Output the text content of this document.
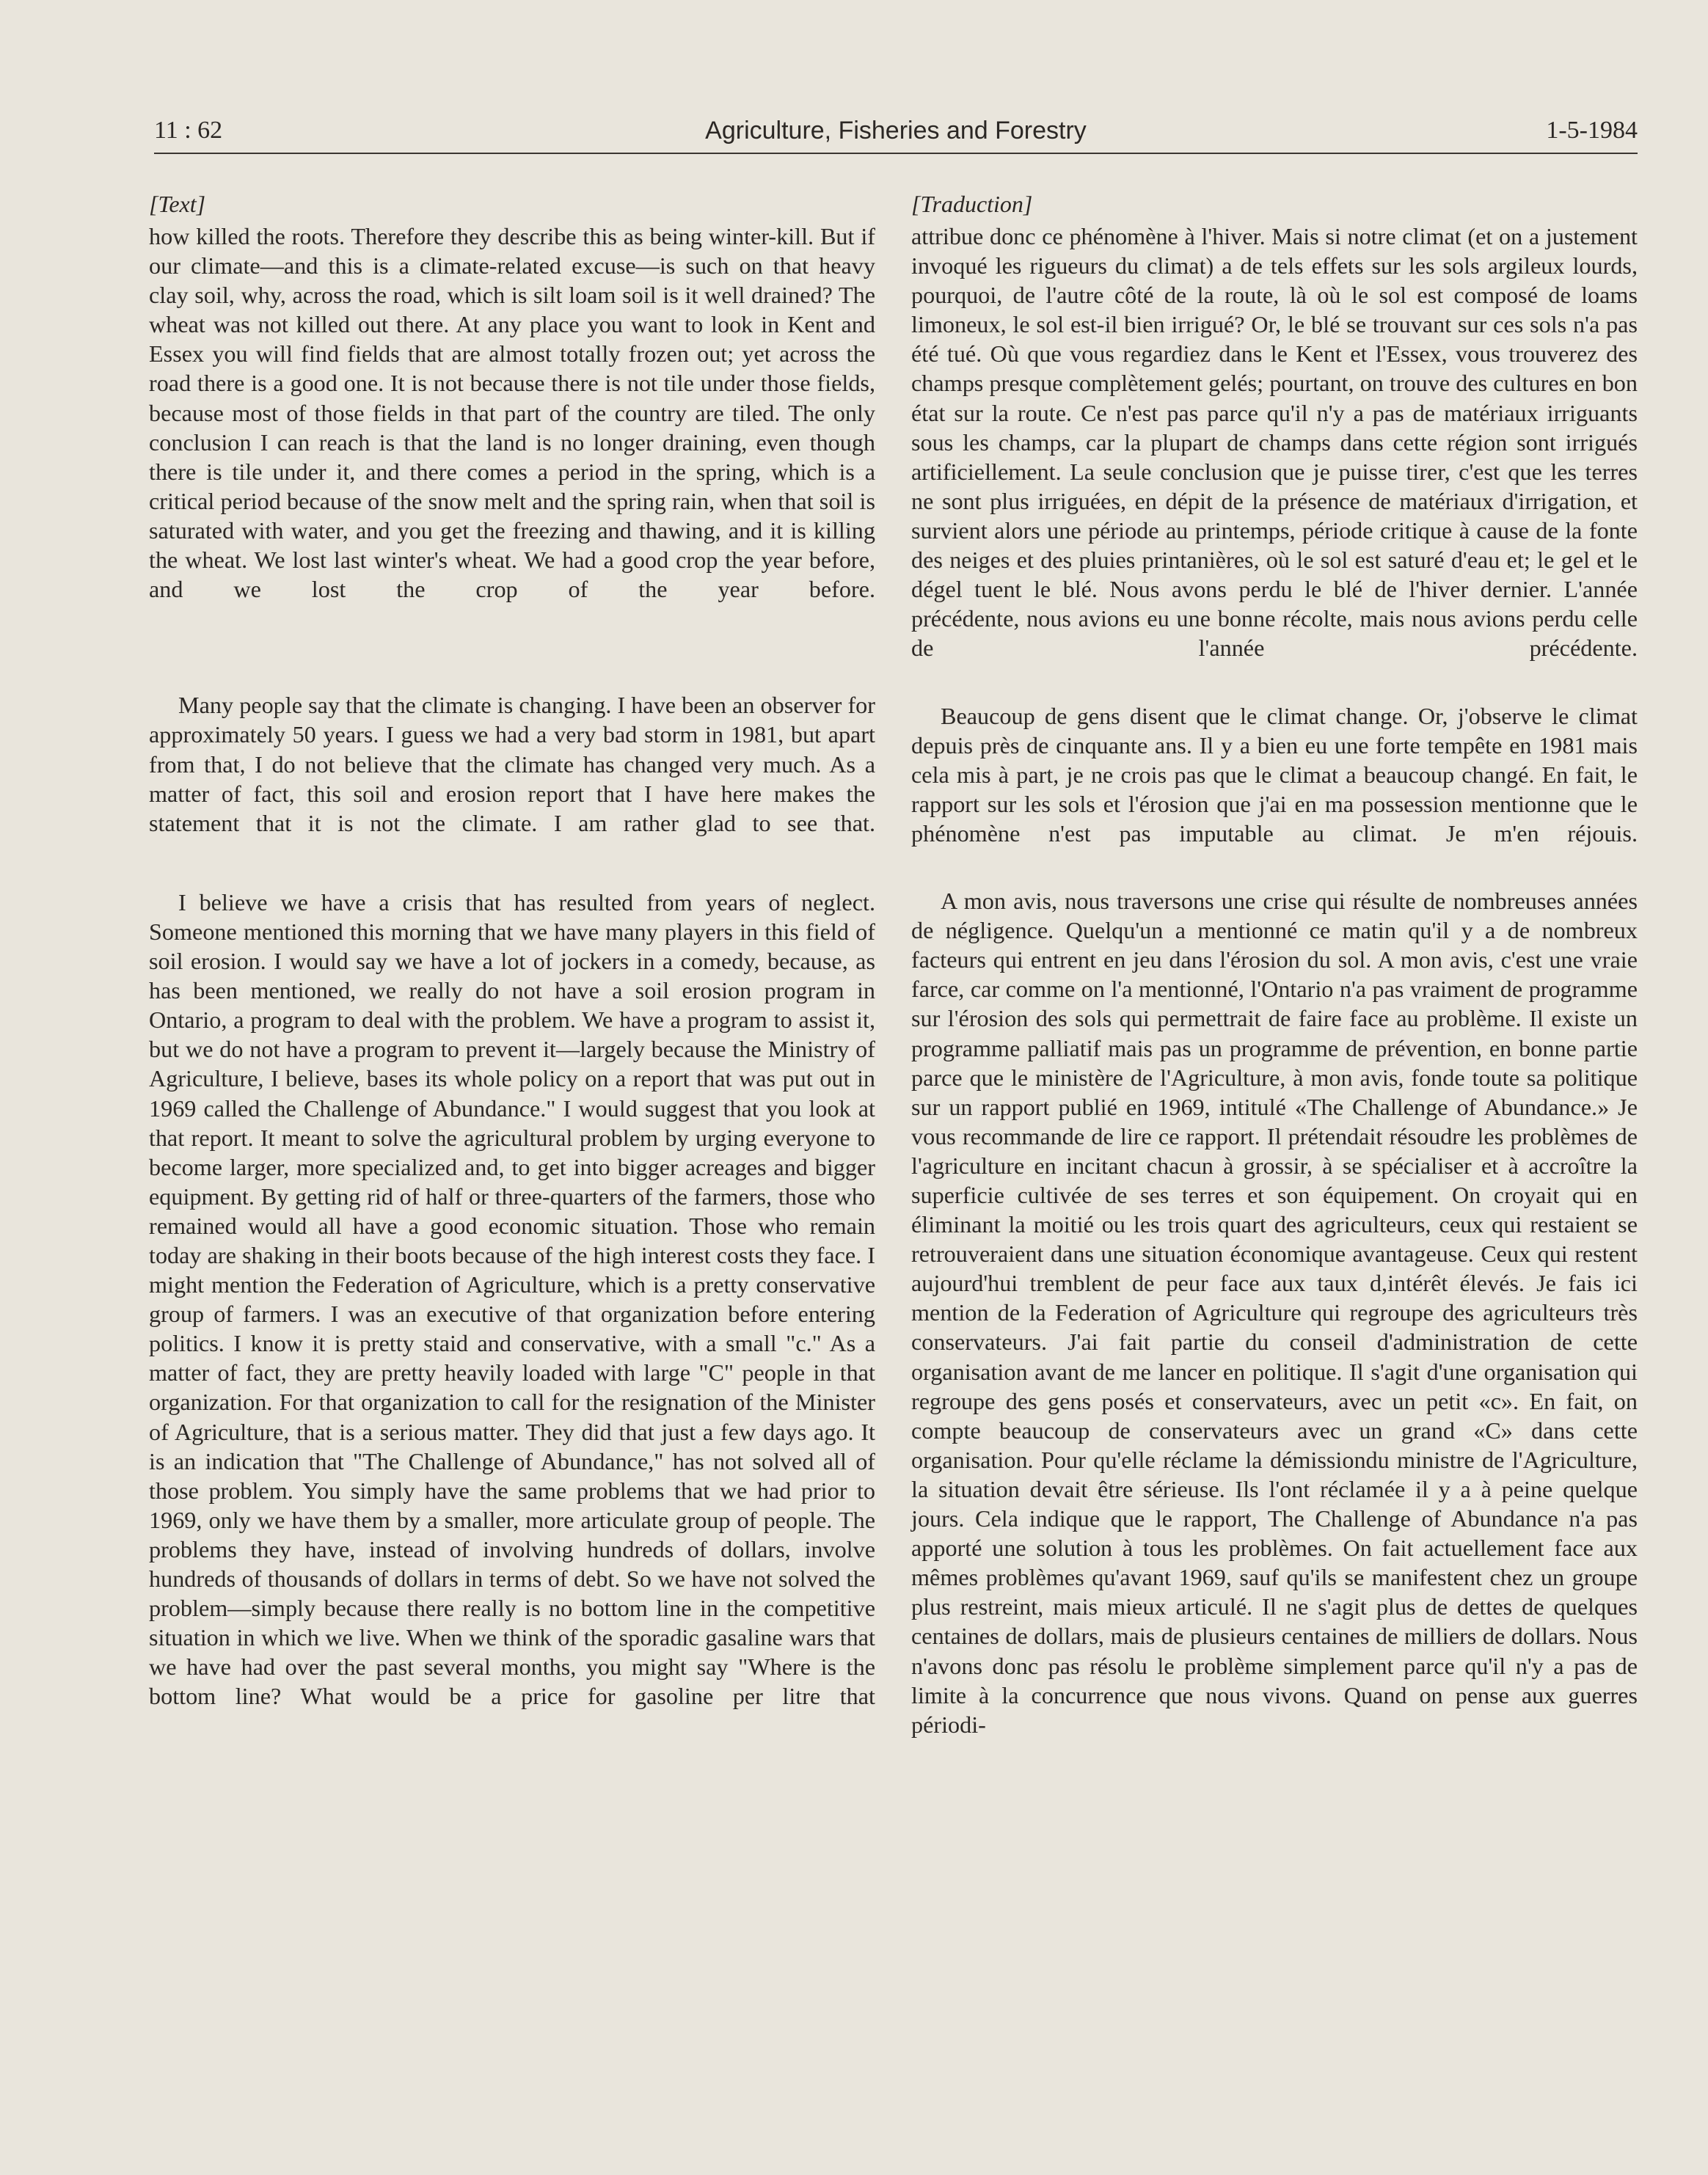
11 : 62	Agriculture, Fisheries and Forestry	1-5-1984
[Text]

how killed the roots. Therefore they describe this as being winter-kill. But if our climate—and this is a climate-related excuse—is such on that heavy clay soil, why, across the road, which is silt loam soil is it well drained? The wheat was not killed out there. At any place you want to look in Kent and Essex you will find fields that are almost totally frozen out; yet across the road there is a good one. It is not because there is not tile under those fields, because most of those fields in that part of the country are tiled. The only conclusion I can reach is that the land is no longer draining, even though there is tile under it, and there comes a period in the spring, which is a critical period because of the snow melt and the spring rain, when that soil is saturated with water, and you get the freezing and thawing, and it is killing the wheat. We lost last winter's wheat. We had a good crop the year before, and we lost the crop of the year before.

Many people say that the climate is changing. I have been an observer for approximately 50 years. I guess we had a very bad storm in 1981, but apart from that, I do not believe that the climate has changed very much. As a matter of fact, this soil and erosion report that I have here makes the statement that it is not the climate. I am rather glad to see that.

I believe we have a crisis that has resulted from years of neglect. Someone mentioned this morning that we have many players in this field of soil erosion. I would say we have a lot of jockers in a comedy, because, as has been mentioned, we really do not have a soil erosion program in Ontario, a program to deal with the problem. We have a program to assist it, but we do not have a program to prevent it—largely because the Ministry of Agriculture, I believe, bases its whole policy on a report that was put out in 1969 called the Challenge of Abundance." I would suggest that you look at that report. It meant to solve the agricultural problem by urging everyone to become larger, more specialized and, to get into bigger acreages and bigger equipment. By getting rid of half or three-quarters of the farmers, those who remained would all have a good economic situation. Those who remain today are shaking in their boots because of the high interest costs they face. I might mention the Federation of Agriculture, which is a pretty conservative group of farmers. I was an executive of that organization before entering politics. I know it is pretty staid and conservative, with a small "c." As a matter of fact, they are pretty heavily loaded with large "C" people in that organization. For that organization to call for the resignation of the Minister of Agriculture, that is a serious matter. They did that just a few days ago. It is an indication that "The Challenge of Abundance," has not solved all of those problem. You simply have the same problems that we had prior to 1969, only we have them by a smaller, more articulate group of people. The problems they have, instead of involving hundreds of dollars, involve hundreds of thousands of dollars in terms of debt. So we have not solved the problem—simply because there really is no bottom line in the competitive situation in which we live. When we think of the sporadic gasaline wars that we have had over the past several months, you might say "Where is the bottom line? What would be a price for gasoline per litre that

[Traduction]

attribue donc ce phénomène à l'hiver. Mais si notre climat (et on a justement invoqué les rigueurs du climat) a de tels effets sur les sols argileux lourds, pourquoi, de l'autre côté de la route, là où le sol est composé de loams limoneux, le sol est-il bien irrigué? Or, le blé se trouvant sur ces sols n'a pas été tué. Où que vous regardiez dans le Kent et l'Essex, vous trouverez des champs presque complètement gelés; pourtant, on trouve des cultures en bon état sur la route. Ce n'est pas parce qu'il n'y a pas de matériaux irriguants sous les champs, car la plupart de champs dans cette région sont irrigués artificiellement. La seule conclusion que je puisse tirer, c'est que les terres ne sont plus irriguées, en dépit de la présence de matériaux d'irrigation, et survient alors une période au printemps, période critique à cause de la fonte des neiges et des pluies printanières, où le sol est saturé d'eau et; le gel et le dégel tuent le blé. Nous avons perdu le blé de l'hiver dernier. L'année précédente, nous avions eu une bonne récolte, mais nous avions perdu celle de l'année précédente.

Beaucoup de gens disent que le climat change. Or, j'observe le climat depuis près de cinquante ans. Il y a bien eu une forte tempête en 1981 mais cela mis à part, je ne crois pas que le climat a beaucoup changé. En fait, le rapport sur les sols et l'érosion que j'ai en ma possession mentionne que le phénomène n'est pas imputable au climat. Je m'en réjouis.

A mon avis, nous traversons une crise qui résulte de nombreuses années de négligence. Quelqu'un a mentionné ce matin qu'il y a de nombreux facteurs qui entrent en jeu dans l'érosion du sol. A mon avis, c'est une vraie farce, car comme on l'a mentionné, l'Ontario n'a pas vraiment de programme sur l'érosion des sols qui permettrait de faire face au problème. Il existe un programme palliatif mais pas un programme de prévention, en bonne partie parce que le ministère de l'Agriculture, à mon avis, fonde toute sa politique sur un rapport publié en 1969, intitulé «The Challenge of Abundance.» Je vous recommande de lire ce rapport. Il prétendait résoudre les problèmes de l'agriculture en incitant chacun à grossir, à se spécialiser et à accroître la superficie cultivée de ses terres et son équipement. On croyait qui en éliminant la moitié ou les trois quart des agriculteurs, ceux qui restaient se retrouveraient dans une situation économique avantageuse. Ceux qui restent aujourd'hui tremblent de peur face aux taux d,intérêt élevés. Je fais ici mention de la Federation of Agriculture qui regroupe des agriculteurs très conservateurs. J'ai fait partie du conseil d'administration de cette organisation avant de me lancer en politique. Il s'agit d'une organisation qui regroupe des gens posés et conservateurs, avec un petit «c». En fait, on compte beaucoup de conservateurs avec un grand «C» dans cette organisation. Pour qu'elle réclame la démissiondu ministre de l'Agriculture, la situation devait être sérieuse. Ils l'ont réclamée il y a à peine quelque jours. Cela indique que le rapport, The Challenge of Abundance n'a pas apporté une solution à tous les problèmes. On fait actuellement face aux mêmes problèmes qu'avant 1969, sauf qu'ils se manifestent chez un groupe plus restreint, mais mieux articulé. Il ne s'agit plus de dettes de quelques centaines de dollars, mais de plusieurs centaines de milliers de dollars. Nous n'avons donc pas résolu le problème simplement parce qu'il n'y a pas de limite à la concurrence que nous vivons. Quand on pense aux guerres périodi-
